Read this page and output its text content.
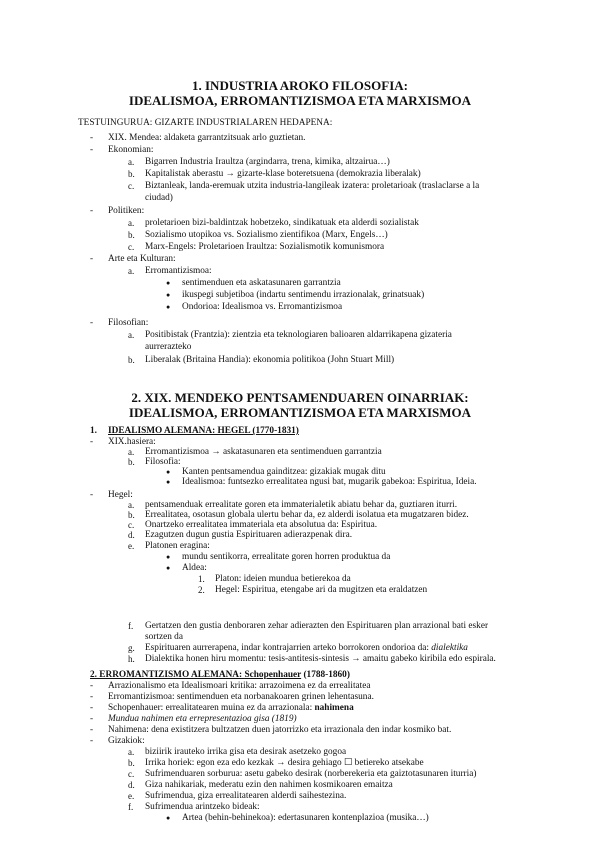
1. INDUSTRIA AROKO FILOSOFIA:
IDEALISMOA, ERROMANTIZISMOA ETA MARXISMOA
TESTUINGURUA: GIZARTE INDUSTRIALAREN HEDAPENA:
- XIX. Mendea: aldaketa garrantzitsuak arlo guztietan.
- Ekonomian:
a. Bigarren Industria Iraultza (argindarra, trena, kimika, altzairua…)
b. Kapitalistak aberastu → gizarte-klase boteretsuena (demokrazia liberalak)
c. Biztanleak, landa-eremuak utzita industria-langileak izatera: proletarioak (traslaclarse a la
ciudad)
- Politiken:
a. proletarioen bizi-baldintzak hobetzeko, sindikatuak eta alderdi sozialistak
b. Sozialismo utopikoa vs. Sozialismo zientifikoa (Marx, Engels…)
c. Marx-Engels: Proletarioen Iraultza: Sozialismotik komunismora
- Arte eta Kulturan:
a. Erromantizismoa:
● sentimenduen eta askatasunaren garrantzia
● ikuspegi subjetiboa (indartu sentimendu irrazionalak, grinatsuak)
● Ondorioa: Idealismoa vs. Erromantizismoa
- Filosofian:
a. Positibistak (Frantzia): zientzia eta teknologiaren balioaren aldarrikapena gizateria
aurrerazteko
b. Liberalak (Britaina Handia): ekonomia politikoa (John Stuart Mill)
2. XIX. MENDEKO PENTSAMENDUAREN OINARRIAK:
IDEALISMOA, ERROMANTIZISMOA ETA MARXISMOA
1. IDEALISMO ALEMANA: HEGEL (1770-1831)
- XIX.hasiera:
a. Erromantizismoa → askatasunaren eta sentimenduen garrantzia
b. Filosofia:
● Kanten pentsamendua gainditzea: gizakiak mugak ditu
● Idealismoa: funtsezko errealitatea ngusi bat, mugarik gabekoa: Espiritua, Ideia.
- Hegel:
a. pentsamenduak errealitate goren eta immaterialetik abiatu behar da, guztiaren iturri.
b. Errealitatea, osotasun globala ulertu behar da, ez alderdi isolatua eta mugatzaren bidez.
c. Onartzeko errealitatea immateriala eta absolutua da: Espiritua.
d. Ezagutzen dugun gustia Espirituaren adierazpenak dira.
e. Platonen eragina:
● mundu sentikorra, errealitate goren horren produktua da
● Aldea:
1. Platon: ideien mundua betierekoa da
2. Hegel: Espiritua, etengabe ari da mugitzen eta eraldatzen
f. Gertatzen den gustia denboraren zehar adierazten den Espirituaren plan arrazional bati esker
sortzen da
g. Espirituaren aurrerapena, indar kontrajarrien arteko borrokoren ondorioa da: dialektika
h. Dialektika honen hiru momentu: tesis-antitesis-sintesis → amaitu gabeko kiribila edo espirala.
2. ERROMANTIZISMO ALEMANA: Schopenhauer (1788-1860)
- Arrazionalismo eta Idealismoari kritika: arrazoimena ez da errealitatea
- Erromantizismoa: sentimenduen eta norbanakoaren grinen lehentasuna.
- Schopenhauer: errealitatearen muina ez da arrazionala: nahimena
- Mundua nahimen eta errepresentazioa gisa (1819)
- Nahimena: dena existitzera bultzatzen duen jatorrizko eta irrazionala den indar kosmiko bat.
- Gizakiok:
a. biziirik irauteko irrika gisa eta desirak asetzeko gogoa
b. Irrika horiek: egon eza edo kezkak → desira gehiago ☐ betiereko atsekabe
c. Sufrimenduaren sorburua: asetu gabeko desirak (norberekeria eta gaiztotasunaren iturria)
d. Giza nahikariak, mederatu ezin den nahimen kosmikoaren emaitza
e. Sufrimendua, giza errealitatearen alderdi saihestezina.
f. Sufrimendua arintzeko bideak:
● Artea (behin-behinekoa): edertasunaren kontenplazioa (musika…)
